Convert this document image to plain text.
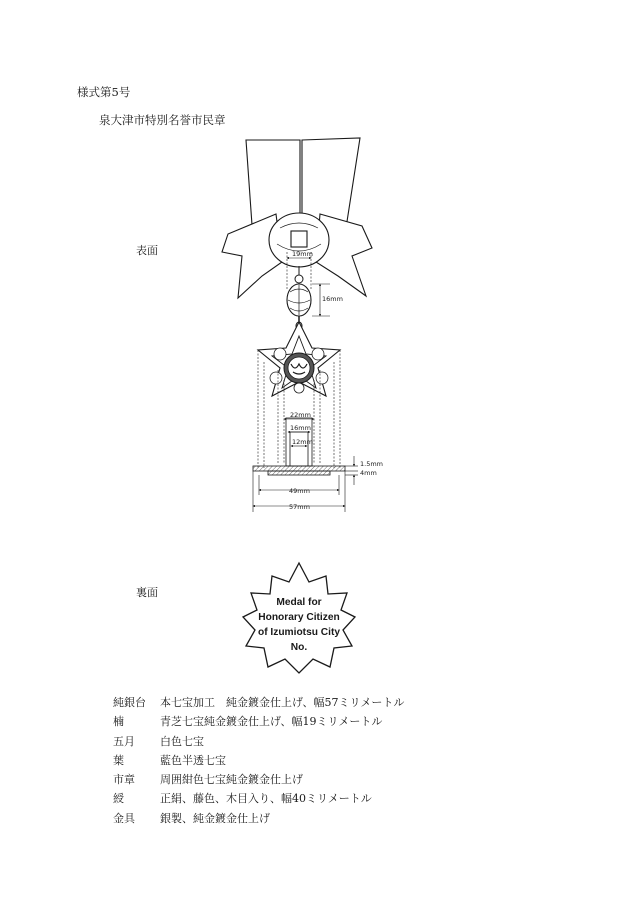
様式第5号
泉大津市特別名誉市民章
表面
裏面
19mm
16mm
22mm
16mm
12mm
1.5mm
4mm
49mm
57mm
Medal for
Honorary Citizen
of Izumiotsu City
No.
純銀台 本七宝加工　純金鍍金仕上げ、幅57ミリメートル
楠	青芝七宝純金鍍金仕上げ、幅19ミリメートル
五月 白色七宝
葉	藍色半透七宝
市章 周囲紺色七宝純金鍍金仕上げ
綬	正絹、藤色、木目入り、幅40ミリメートル
金具 銀製、純金鍍金仕上げ
